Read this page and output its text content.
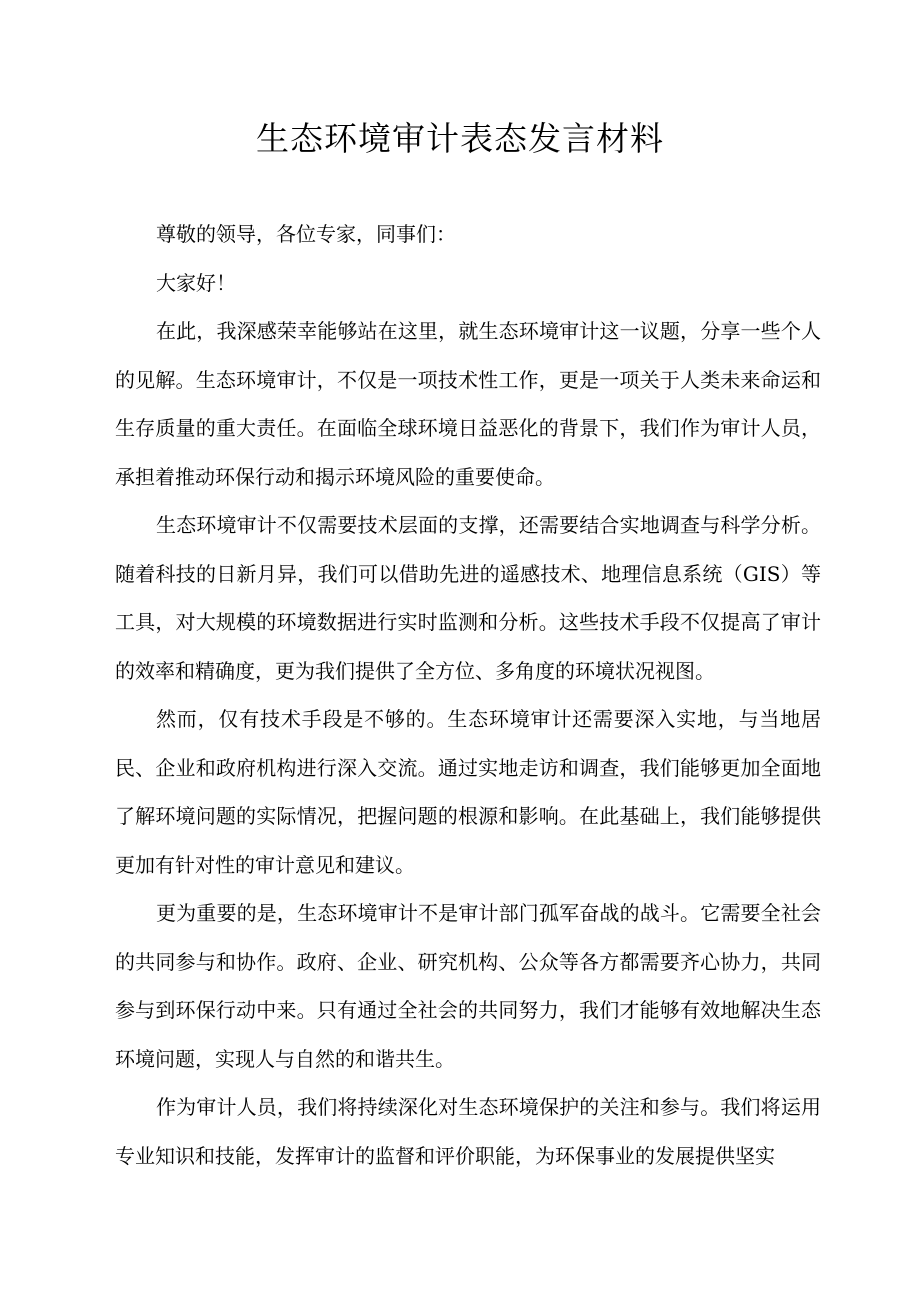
生态环境审计表态发言材料

尊敬的领导，各位专家，同事们：

大家好！

在此，我深感荣幸能够站在这里，就生态环境审计这一议题，分享一些个人的见解。生态环境审计，不仅是一项技术性工作，更是一项关于人类未来命运和生存质量的重大责任。在面临全球环境日益恶化的背景下，我们作为审计人员，承担着推动环保行动和揭示环境风险的重要使命。

生态环境审计不仅需要技术层面的支撑，还需要结合实地调查与科学分析。随着科技的日新月异，我们可以借助先进的遥感技术、地理信息系统（GIS）等工具，对大规模的环境数据进行实时监测和分析。这些技术手段不仅提高了审计的效率和精确度，更为我们提供了全方位、多角度的环境状况视图。

然而，仅有技术手段是不够的。生态环境审计还需要深入实地，与当地居民、企业和政府机构进行深入交流。通过实地走访和调查，我们能够更加全面地了解环境问题的实际情况，把握问题的根源和影响。在此基础上，我们能够提供更加有针对性的审计意见和建议。

更为重要的是，生态环境审计不是审计部门孤军奋战的战斗。它需要全社会的共同参与和协作。政府、企业、研究机构、公众等各方都需要齐心协力，共同参与到环保行动中来。只有通过全社会的共同努力，我们才能够有效地解决生态环境问题，实现人与自然的和谐共生。

作为审计人员，我们将持续深化对生态环境保护的关注和参与。我们将运用专业知识和技能，发挥审计的监督和评价职能，为环保事业的发展提供坚实
